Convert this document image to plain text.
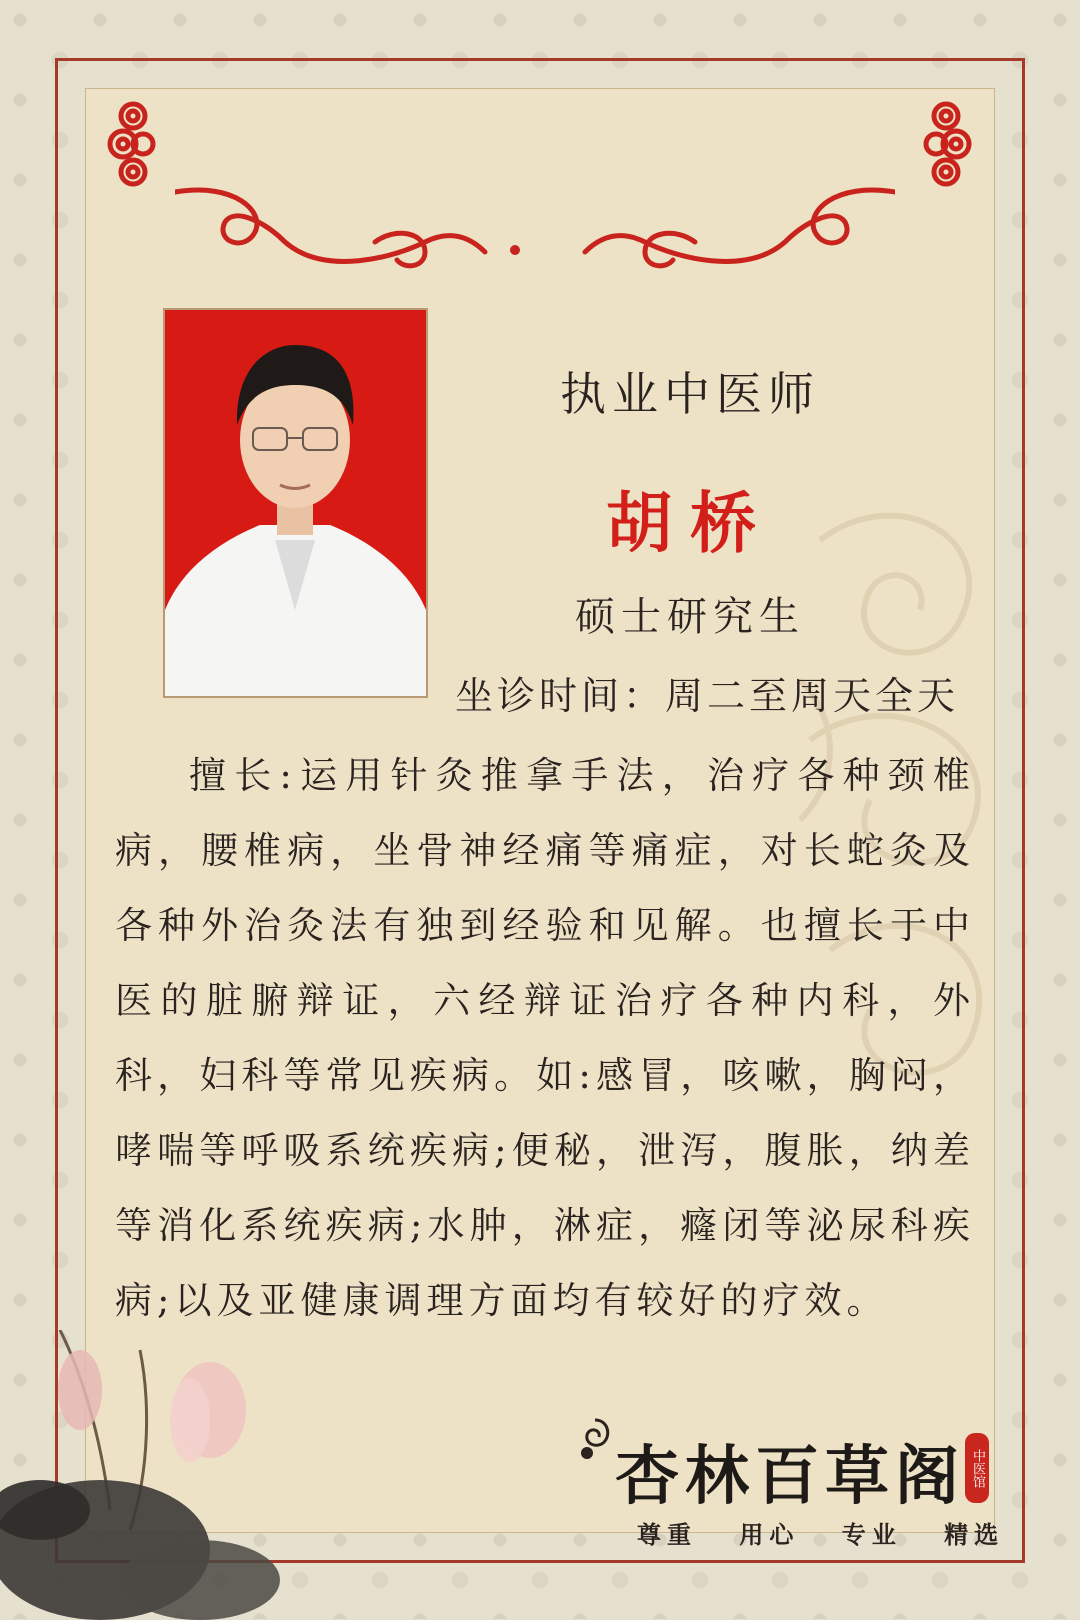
执业中医师
胡桥
硕士研究生
坐诊时间：周二至周天全天
擅长:运用针灸推拿手法，治疗各种颈椎病，腰椎病，坐骨神经痛等痛症，对长蛇灸及各种外治灸法有独到经验和见解。也擅长于中医的脏腑辩证，六经辩证治疗各种内科，外科，妇科等常见疾病。如:感冒，咳嗽，胸闷，哮喘等呼吸系统疾病;便秘，泄泻，腹胀，纳差等消化系统疾病;水肿，淋症，癃闭等泌尿科疾病;以及亚健康调理方面均有较好的疗效。
杏林百草阁 中医馆
尊重 用心 专业 精选
